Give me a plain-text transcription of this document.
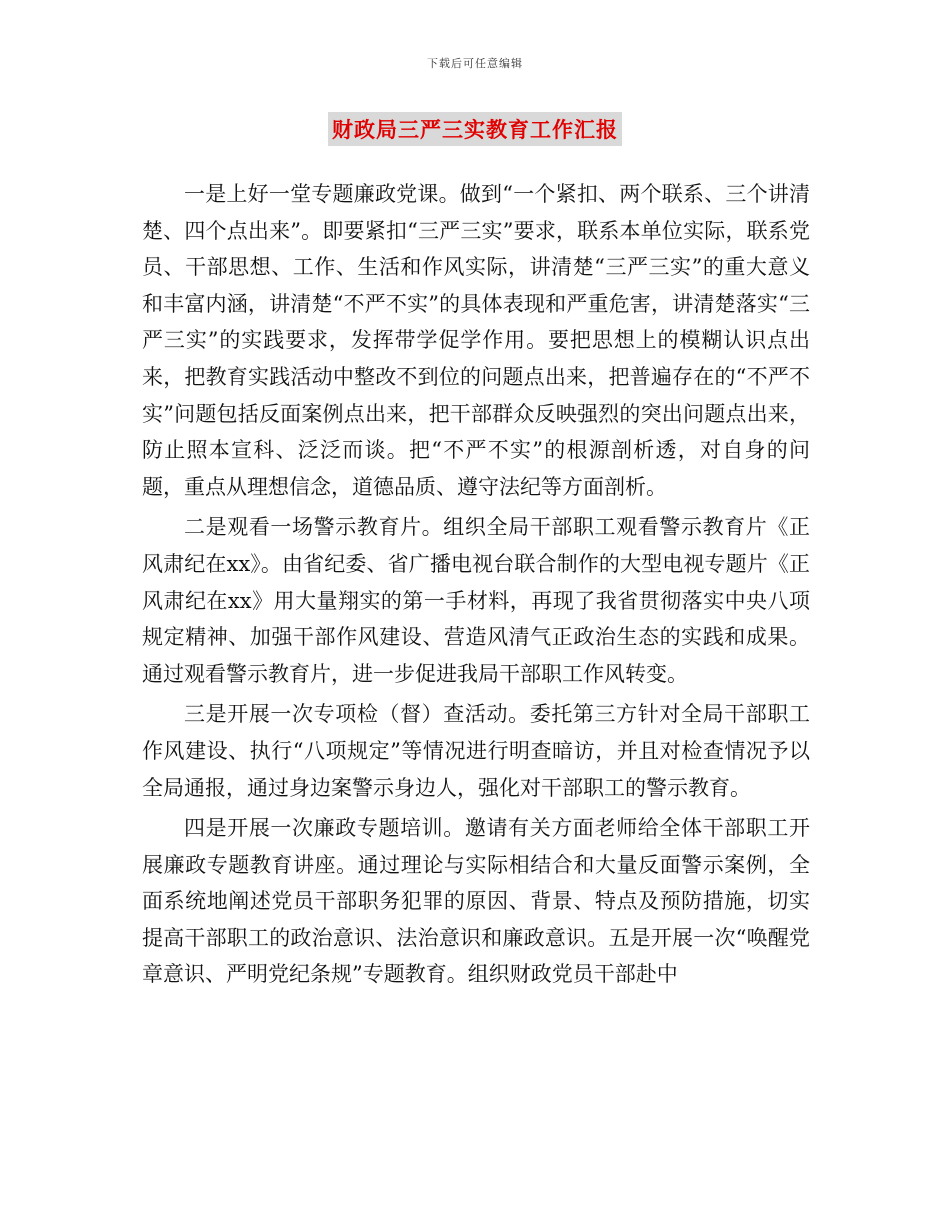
下载后可任意编辑
财政局三严三实教育工作汇报

一是上好一堂专题廉政党课。做到“一个紧扣、两个联系、三个讲清楚、四个点出来”。即要紧扣“三严三实”要求，联系本单位实际，联系党员、干部思想、工作、生活和作风实际，讲清楚“三严三实”的重大意义和丰富内涵，讲清楚“不严不实”的具体表现和严重危害，讲清楚落实“三严三实”的实践要求，发挥带学促学作用。要把思想上的模糊认识点出来，把教育实践活动中整改不到位的问题点出来，把普遍存在的“不严不实”问题包括反面案例点出来，把干部群众反映强烈的突出问题点出来，防止照本宣科、泛泛而谈。把“不严不实”的根源剖析透，对自身的问题，重点从理想信念，道德品质、遵守法纪等方面剖析。

二是观看一场警示教育片。组织全局干部职工观看警示教育片《正风肃纪在xx》。由省纪委、省广播电视台联合制作的大型电视专题片《正风肃纪在xx》用大量翔实的第一手材料，再现了我省贯彻落实中央八项规定精神、加强干部作风建设、营造风清气正政治生态的实践和成果。通过观看警示教育片，进一步促进我局干部职工作风转变。

三是开展一次专项检（督）查活动。委托第三方针对全局干部职工作风建设、执行“八项规定”等情况进行明查暗访，并且对检查情况予以全局通报，通过身边案警示身边人，强化对干部职工的警示教育。

四是开展一次廉政专题培训。邀请有关方面老师给全体干部职工开展廉政专题教育讲座。通过理论与实际相结合和大量反面警示案例，全面系统地阐述党员干部职务犯罪的原因、背景、特点及预防措施，切实提高干部职工的政治意识、法治意识和廉政意识。五是开展一次“唤醒党章意识、严明党纪条规”专题教育。组织财政党员干部赴中
